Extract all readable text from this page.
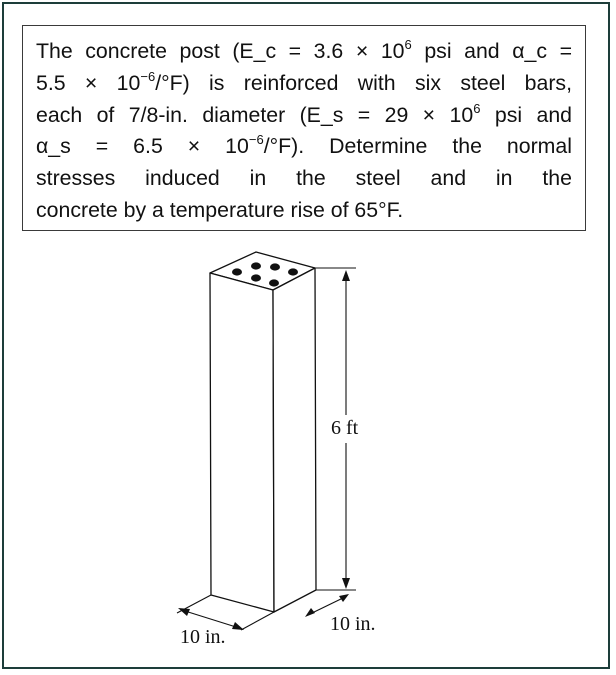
The concrete post (E_c = $3.6 \times 10^6$ psi and α_c =
$5.5 \times 10^{-6}/^\circ F$) is reinforced with six steel bars,
each of 7/8-in. diameter (E_s = $29 \times 10^6$ psi and
α_s = $6.5 \times 10^{-6}/^\circ F$). Determine the normal
stresses induced in the steel and in the
concrete by a temperature rise of 65°F.
6 ft
10 in.
10 in.
